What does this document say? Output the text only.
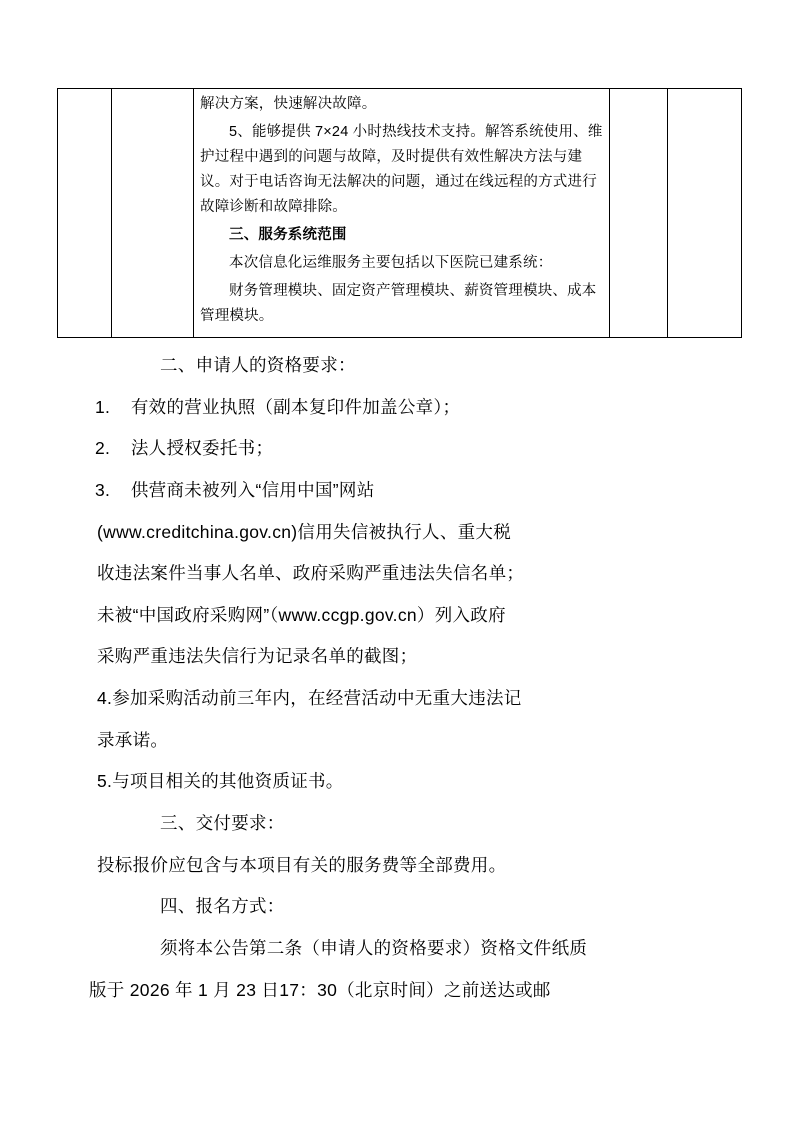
解决方案，快速解决故障。

5、能够提供 7×24 小时热线技术支持。解答系统使用、维护过程中遇到的问题与故障，及时提供有效性解决方法与建议。对于电话咨询无法解决的问题，通过在线远程的方式进行故障诊断和故障排除。

三、服务系统范围

本次信息化运维服务主要包括以下医院已建系统：

财务管理模块、固定资产管理模块、薪资管理模块、成本管理模块。

二、申请人的资格要求：

1.    有效的营业执照（副本复印件加盖公章）；

2.    法人授权委托书；

3.    供营商未被列入“信用中国”网站

(www.creditchina.gov.cn)信用失信被执行人、重大税

收违法案件当事人名单、政府采购严重违法失信名单；

未被“中国政府采购网”（www.ccgp.gov.cn）列入政府

采购严重违法失信行为记录名单的截图；

4.参加采购活动前三年内，在经营活动中无重大违法记

录承诺。

5.与项目相关的其他资质证书。

三、交付要求：

投标报价应包含与本项目有关的服务费等全部费用。

四、报名方式：

须将本公告第二条（申请人的资格要求）资格文件纸质

版于 2026 年 1 月 23 日17：30（北京时间）之前送达或邮
